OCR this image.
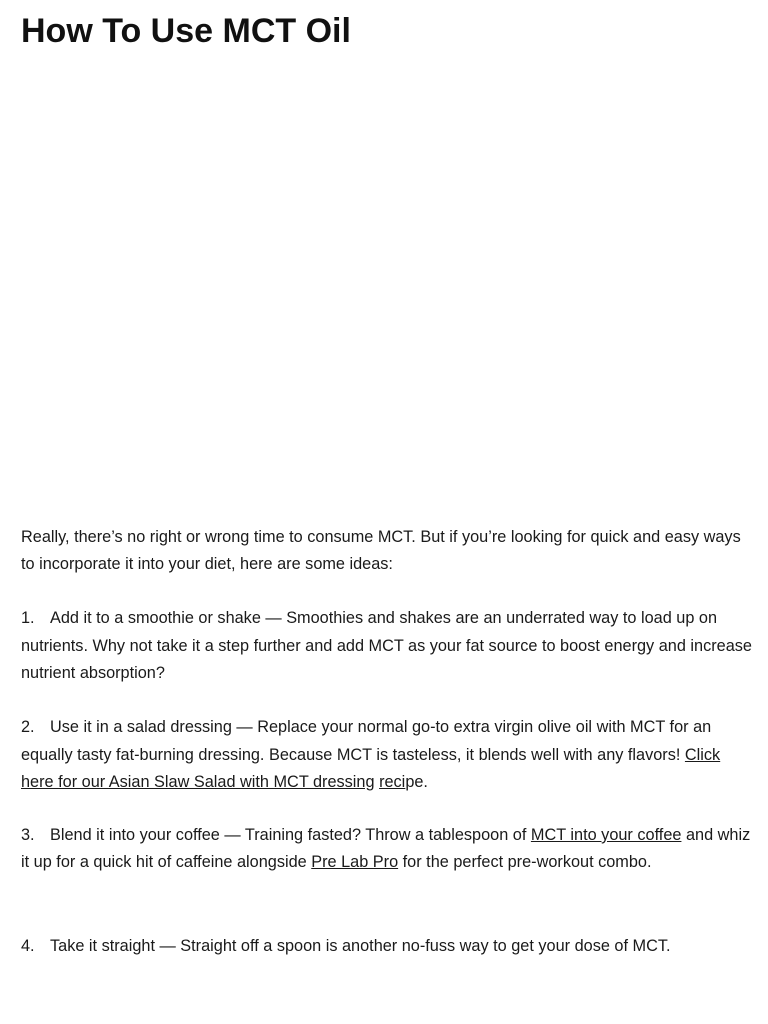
How To Use MCT Oil

Really, there’s no right or wrong time to consume MCT. But if you’re looking for quick and easy ways to incorporate it into your diet, here are some ideas:

1. Add it to a smoothie or shake — Smoothies and shakes are an underrated way to load up on nutrients. Why not take it a step further and add MCT as your fat source to boost energy and increase nutrient absorption?

2. Use it in a salad dressing — Replace your normal go-to extra virgin olive oil with MCT for an equally tasty fat-burning dressing. Because MCT is tasteless, it blends well with any flavors! Click here for our Asian Slaw Salad with MCT dressing recipe.

3. Blend it into your coffee — Training fasted? Throw a tablespoon of MCT into your coffee and whiz it up for a quick hit of caffeine alongside Pre Lab Pro for the perfect pre-workout combo.

4. Take it straight — Straight off a spoon is another no-fuss way to get your dose of MCT.
